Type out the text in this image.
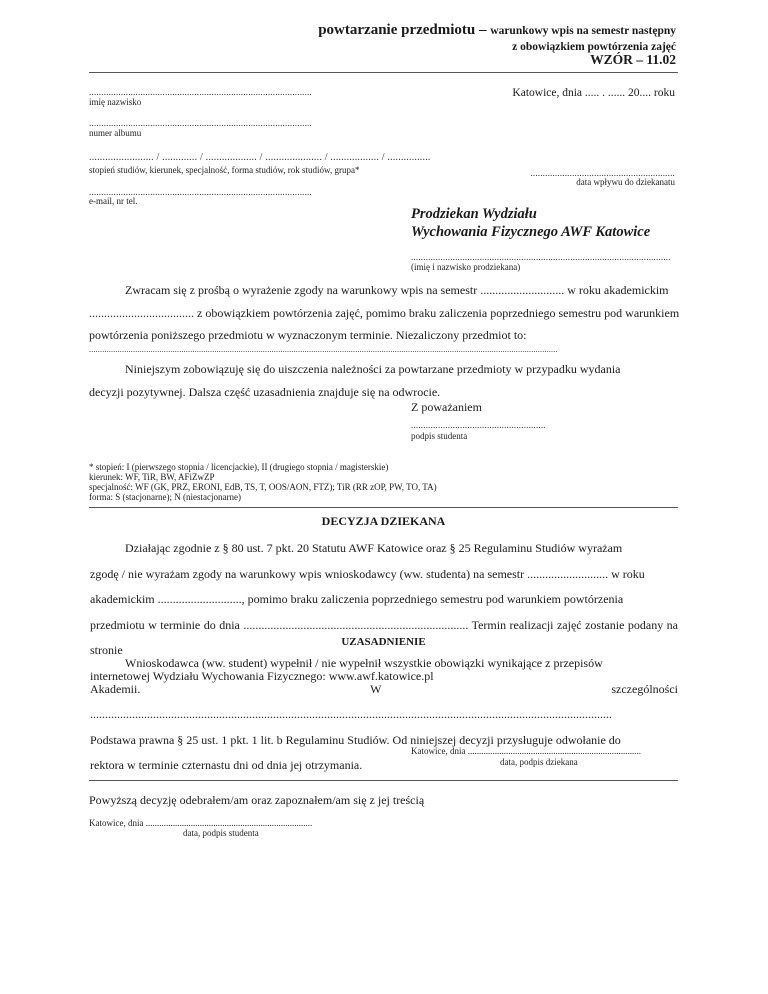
powtarzanie przedmiotu – warunkowy wpis na semestr następny
z obowiązkiem powtórzenia zajęć
WZÓR – 11.02
...........................................................................................
imię nazwisko
...........................................................................................
numer albumu
........................ / ............. / ................... / ..................... / .................. / ................
stopień studiów, kierunek, specjalność, forma studiów, rok studiów, grupa*
...........................................................................................
e-mail, nr tel.
Katowice, dnia ..... . ...... 20.... roku
...........................................................
data wpływu do dziekanatu
Prodziekan Wydziału
Wychowania Fizycznego AWF Katowice
..........................................................................................................
(imię i nazwisko prodziekana)
Zwracam się z prośbą o wyrażenie zgody na warunkowy wpis na semestr ............................ w roku akademickim
................................... z obowiązkiem powtórzenia zajęć, pomimo braku zaliczenia poprzedniego semestru pod warunkiem
powtórzenia poniższego przedmiotu w wyznaczonym terminie. Niezaliczony przedmiot to:
.....................................................................................................................................................................................................................
Niniejszym zobowiązuję się do uiszczenia należności za powtarzane przedmioty w przypadku wydania
decyzji pozytywnej. Dalsza część uzasadnienia znajduje się na odwrocie.
Z poważaniem
.......................................................
podpis studenta
* stopień: I (pierwszego stopnia / licencjackie), II (drugiego stopnia / magisterskie)
kierunek: WF, TiR, BW, AFiZwZP
specjalność: WF (GK, PRZ, ERONI, EdB, TS, T, OOS/AON, FTZ); TiR (RR zOP, PW, TO, TA)
forma: S (stacjonarne); N (niestacjonarne)
DECYZJA DZIEKANA
Działając zgodnie z § 80 ust. 7 pkt. 20 Statutu AWF Katowice oraz § 25 Regulaminu Studiów wyrażam
zgodę / nie wyrażam zgody na warunkowy wpis wnioskodawcy (ww. studenta) na semestr ........................... w roku
akademickim ............................, pomimo braku zaliczenia poprzedniego semestru pod warunkiem powtórzenia
przedmiotu w terminie do dnia ........................................................................... Termin realizacji zajęć zostanie podany na stronie
internetowej Wydziału Wychowania Fizycznego: www.awf.katowice.pl
UZASADNIENIE
Wnioskodawca (ww. student) wypełnił / nie wypełnił wszystkie obowiązki wynikające z przepisów
Akademii. W szczególności ..............................................................................................................................................................................
Podstawa prawna § 25 ust. 1 pkt. 1 lit. b Regulaminu Studiów. Od niniejszej decyzji przysługuje odwołanie do
rektora w terminie czternastu dni od dnia jej otrzymania.
Katowice, dnia .............................................................................
data, podpis dziekana
Powyższą decyzję odebrałem/am oraz zapoznałem/am się z jej treścią
Katowice, dnia ..........................................................................
data, podpis studenta
